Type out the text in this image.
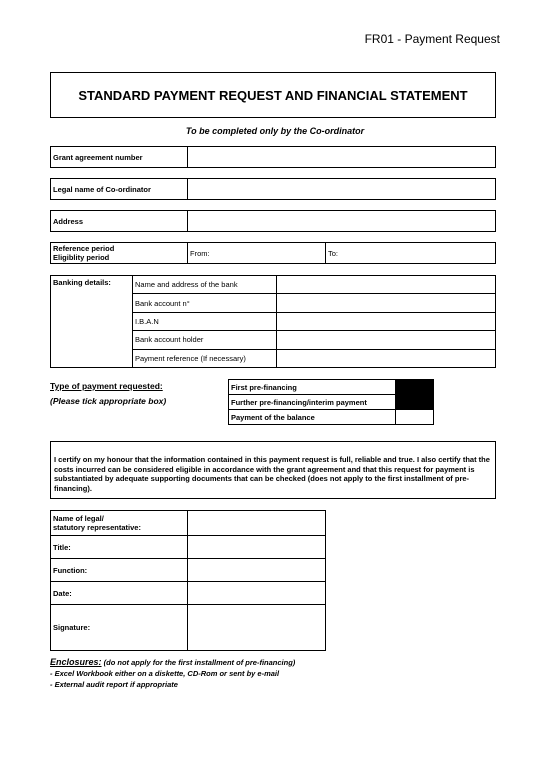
FR01 - Payment Request
STANDARD PAYMENT REQUEST AND FINANCIAL STATEMENT
To be completed only by the Co-ordinator
Grant agreement number
Legal name of Co-ordinator
Address
Reference period
Eligiblity period	From:	To:
Banking details:	Name and address of the bank
Bank account n°
I.B.A.N
Bank account holder
Payment reference (If necessary)
Type of payment requested:
(Please tick appropriate box)
First pre-financing
Further pre-financing/interim payment
Payment of the balance
I certify on my honour that the information contained in this payment request is full, reliable and true. I also certify that the costs incurred can be considered eligible in accordance with the grant agreement and that this request for payment is substantiated by adequate supporting documents that can be checked (does not apply to the first installment of pre-financing).
Name of legal/
statutory representative:
Title:
Function:
Date:
Signature:
Enclosures: (do not apply for the first installment of pre-financing)
- Excel Workbook either on a diskette, CD-Rom or sent by e-mail
- External audit report if appropriate
